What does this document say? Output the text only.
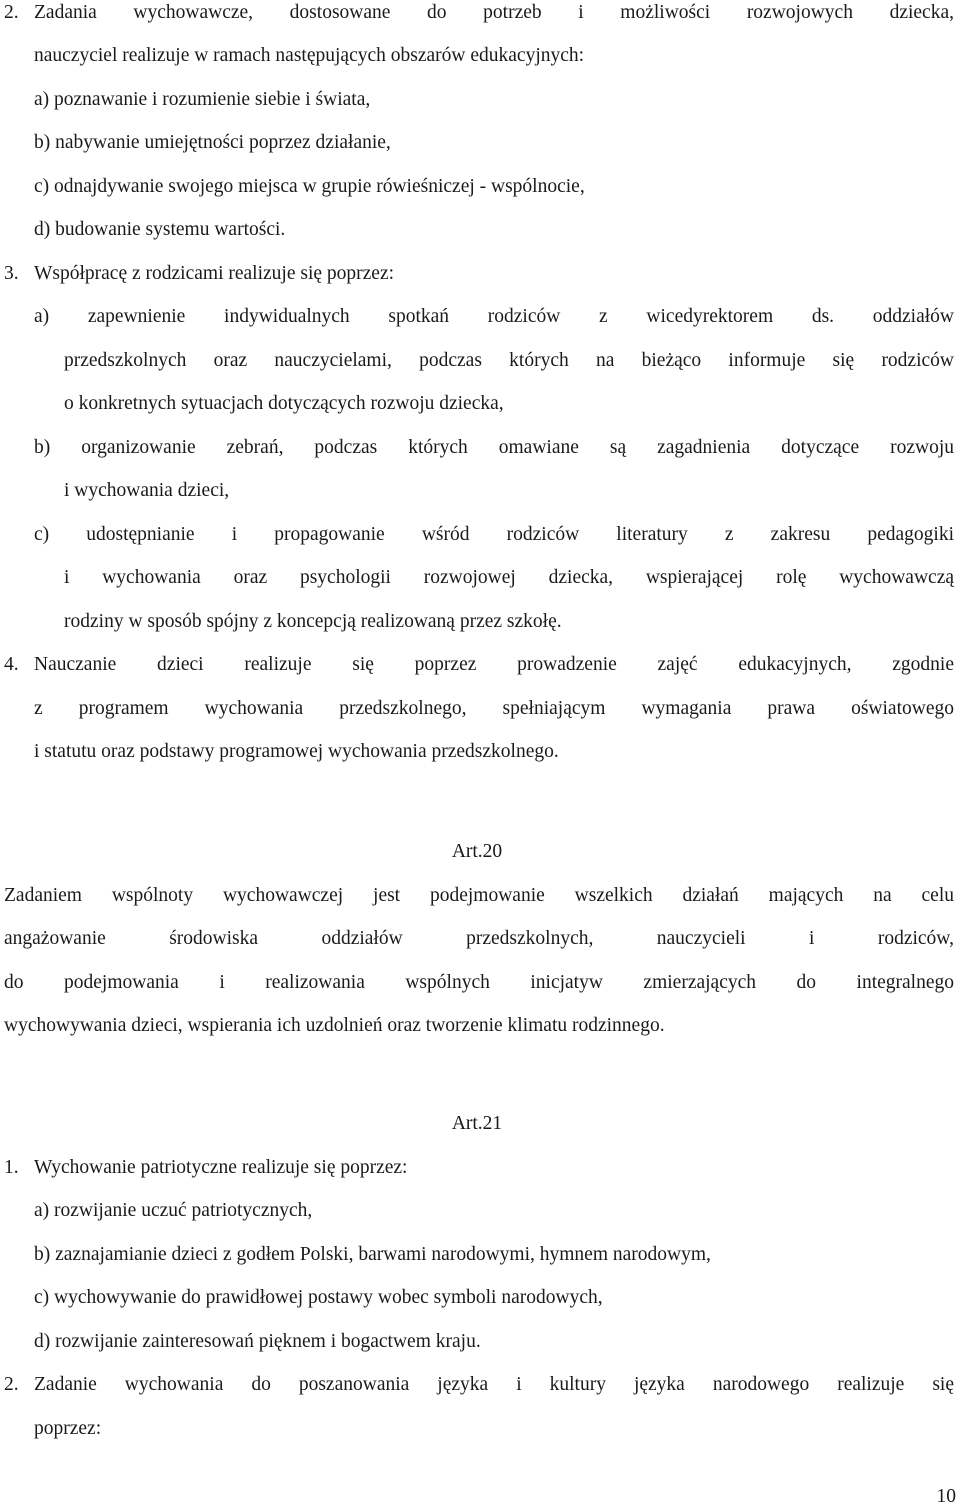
2. Zadania wychowawcze, dostosowane do potrzeb i możliwości rozwojowych dziecka,
nauczyciel realizuje w ramach następujących obszarów edukacyjnych:
a) poznawanie i rozumienie siebie i świata,
b) nabywanie umiejętności poprzez działanie,
c) odnajdywanie swojego miejsca w grupie rówieśniczej - wspólnocie,
d) budowanie systemu wartości.
3. Współpracę z rodzicami realizuje się poprzez:
a) zapewnienie indywidualnych spotkań rodziców z wicedyrektorem ds. oddziałów
przedszkolnych oraz nauczycielami, podczas których na bieżąco informuje się rodziców
o konkretnych sytuacjach dotyczących rozwoju dziecka,
b) organizowanie zebrań, podczas których omawiane są zagadnienia dotyczące rozwoju
i wychowania dzieci,
c) udostępnianie i propagowanie wśród rodziców literatury z zakresu pedagogiki
i wychowania oraz psychologii rozwojowej dziecka, wspierającej rolę wychowawczą
rodziny w sposób spójny z koncepcją realizowaną przez szkołę.
4. Nauczanie dzieci realizuje się poprzez prowadzenie zajęć edukacyjnych, zgodnie
z programem wychowania przedszkolnego, spełniającym wymagania prawa oświatowego
i statutu oraz podstawy programowej wychowania przedszkolnego.
Art.20
Zadaniem wspólnoty wychowawczej jest podejmowanie wszelkich działań mających na celu
angażowanie środowiska oddziałów przedszkolnych, nauczycieli i rodziców,
do podejmowania i realizowania wspólnych inicjatyw zmierzających do integralnego
wychowywania dzieci, wspierania ich uzdolnień oraz tworzenie klimatu rodzinnego.
Art.21
1. Wychowanie patriotyczne realizuje się poprzez:
a) rozwijanie uczuć patriotycznych,
b) zaznajamianie dzieci z godłem Polski, barwami narodowymi, hymnem narodowym,
c) wychowywanie do prawidłowej postawy wobec symboli narodowych,
d) rozwijanie zainteresowań pięknem i bogactwem kraju.
2. Zadanie wychowania do poszanowania języka i kultury języka narodowego realizuje się
poprzez:
10
